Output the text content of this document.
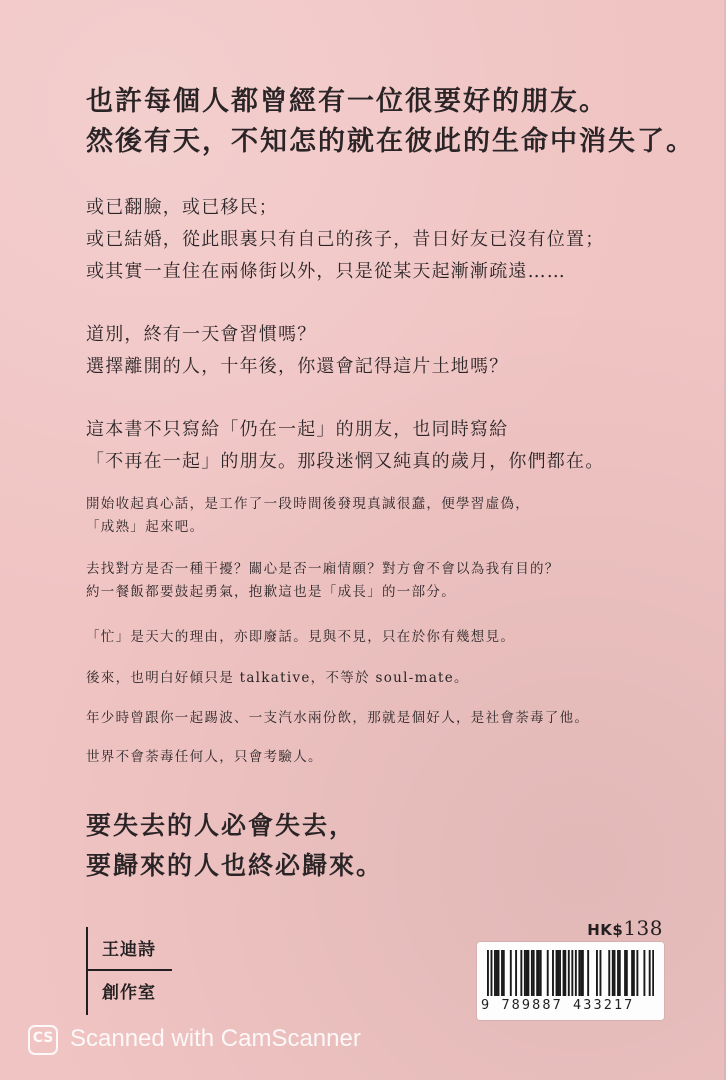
也許每個人都曾經有一位很要好的朋友。
然後有天，不知怎的就在彼此的生命中消失了。
或已翻臉，或已移民；
或已結婚，從此眼裏只有自己的孩子，昔日好友已沒有位置；
或其實一直住在兩條街以外，只是從某天起漸漸疏遠……
道別，終有一天會習慣嗎？
選擇離開的人，十年後，你還會記得這片土地嗎？
這本書不只寫給「仍在一起」的朋友，也同時寫給
「不再在一起」的朋友。那段迷惘又純真的歲月，你們都在。
開始收起真心話，是工作了一段時間後發現真誠很蠢，便學習虛偽，
「成熟」起來吧。
去找對方是否一種干擾？關心是否一廂情願？對方會不會以為我有目的？
約一餐飯都要鼓起勇氣，抱歉這也是「成長」的一部分。
「忙」是天大的理由，亦即廢話。見與不見，只在於你有幾想見。
後來，也明白好傾只是 talkative，不等於 soul-mate。
年少時曾跟你一起踢波、一支汽水兩份飲，那就是個好人，是社會荼毒了他。
世界不會荼毒任何人，只會考驗人。
要失去的人必會失去，
要歸來的人也終必歸來。
王迪詩
創作室
HK$138
9 789887 433217
CS Scanned with CamScanner
